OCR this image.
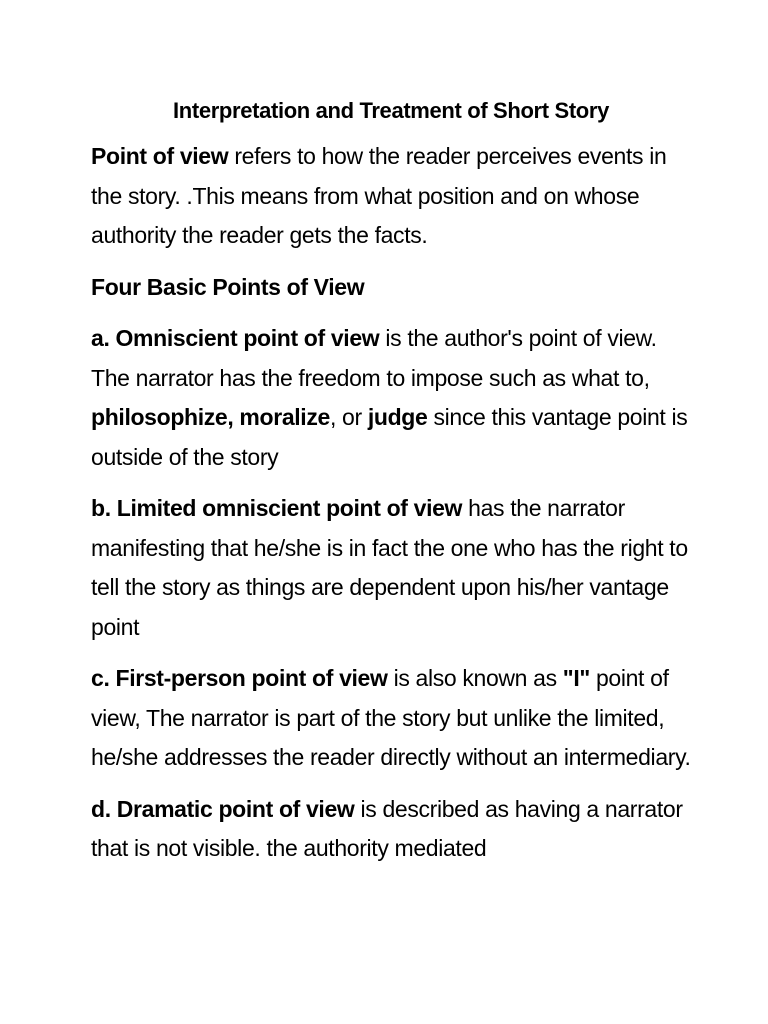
Interpretation and Treatment of Short Story

Point of view refers to how the reader perceives events in the story. .This means from what position and on whose authority the reader gets the facts.

Four Basic Points of View

a. Omniscient point of view is the author's point of view. The narrator has the freedom to impose such as what to, philosophize, moralize, or judge since this vantage point is outside of the story

b. Limited omniscient point of view has the narrator manifesting that he/she is in fact the one who has the right to tell the story as things are dependent upon his/her vantage point

c. First-person point of view is also known as "I" point of view, The narrator is part of the story but unlike the limited, he/she addresses the reader directly without an intermediary.

d. Dramatic point of view is described as having a narrator that is not visible. the authority mediated
